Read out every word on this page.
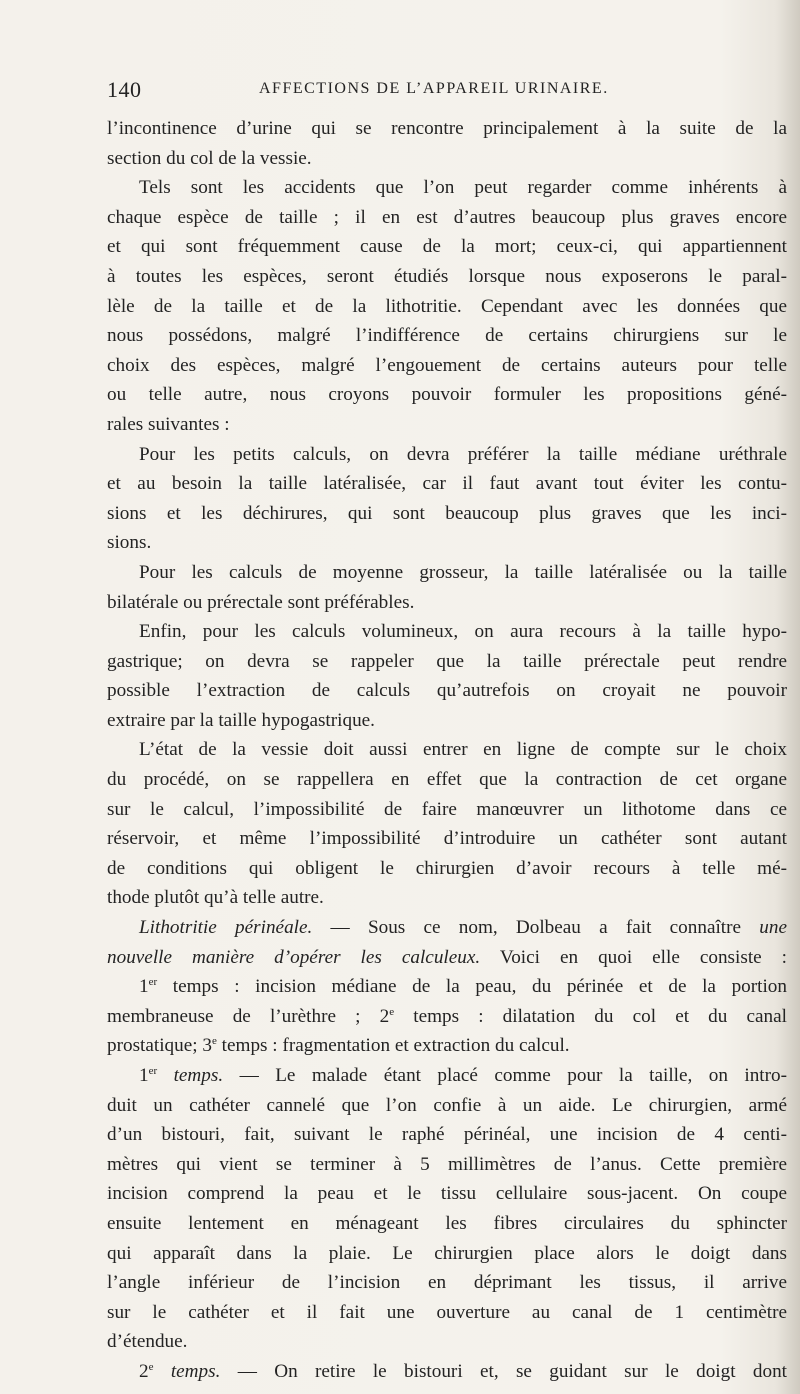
140	AFFECTIONS DE L’APPAREIL URINAIRE.
l’incontinence d’urine qui se rencontre principalement à la suite de la
section du col de la vessie.
Tels sont les accidents que l’on peut regarder comme inhérents à
chaque espèce de taille ; il en est d’autres beaucoup plus graves encore
et qui sont fréquemment cause de la mort; ceux-ci, qui appartiennent
à toutes les espèces, seront étudiés lorsque nous exposerons le paral-
lèle de la taille et de la lithotritie. Cependant avec les données que
nous possédons, malgré l’indifférence de certains chirurgiens sur le
choix des espèces, malgré l’engouement de certains auteurs pour telle
ou telle autre, nous croyons pouvoir formuler les propositions géné-
rales suivantes :
Pour les petits calculs, on devra préférer la taille médiane uréthrale
et au besoin la taille latéralisée, car il faut avant tout éviter les contu-
sions et les déchirures, qui sont beaucoup plus graves que les inci-
sions.
Pour les calculs de moyenne grosseur, la taille latéralisée ou la taille
bilatérale ou prérectale sont préférables.
Enfin, pour les calculs volumineux, on aura recours à la taille hypo-
gastrique; on devra se rappeler que la taille prérectale peut rendre
possible l’extraction de calculs qu’autrefois on croyait ne pouvoir
extraire par la taille hypogastrique.
L’état de la vessie doit aussi entrer en ligne de compte sur le choix
du procédé, on se rappellera en effet que la contraction de cet organe
sur le calcul, l’impossibilité de faire manœuvrer un lithotome dans ce
réservoir, et même l’impossibilité d’introduire un cathéter sont autant
de conditions qui obligent le chirurgien d’avoir recours à telle mé-
thode plutôt qu’à telle autre.
Lithotritie périnéale. — Sous ce nom, Dolbeau a fait connaître une
nouvelle manière d’opérer les calculeux. Voici en quoi elle consiste :
1er temps : incision médiane de la peau, du périnée et de la portion
membraneuse de l’urèthre ; 2e temps : dilatation du col et du canal
prostatique; 3e temps : fragmentation et extraction du calcul.
1er temps. — Le malade étant placé comme pour la taille, on intro-
duit un cathéter cannelé que l’on confie à un aide. Le chirurgien, armé
d’un bistouri, fait, suivant le raphé périnéal, une incision de 4 centi-
mètres qui vient se terminer à 5 millimètres de l’anus. Cette première
incision comprend la peau et le tissu cellulaire sous-jacent. On coupe
ensuite lentement en ménageant les fibres circulaires du sphincter
qui apparaît dans la plaie. Le chirurgien place alors le doigt dans
l’angle inférieur de l’incision en déprimant les tissus, il arrive
sur le cathéter et il fait une ouverture au canal de 1 centimètre
d’étendue.
2e temps. — On retire le bistouri et, se guidant sur le doigt dont
